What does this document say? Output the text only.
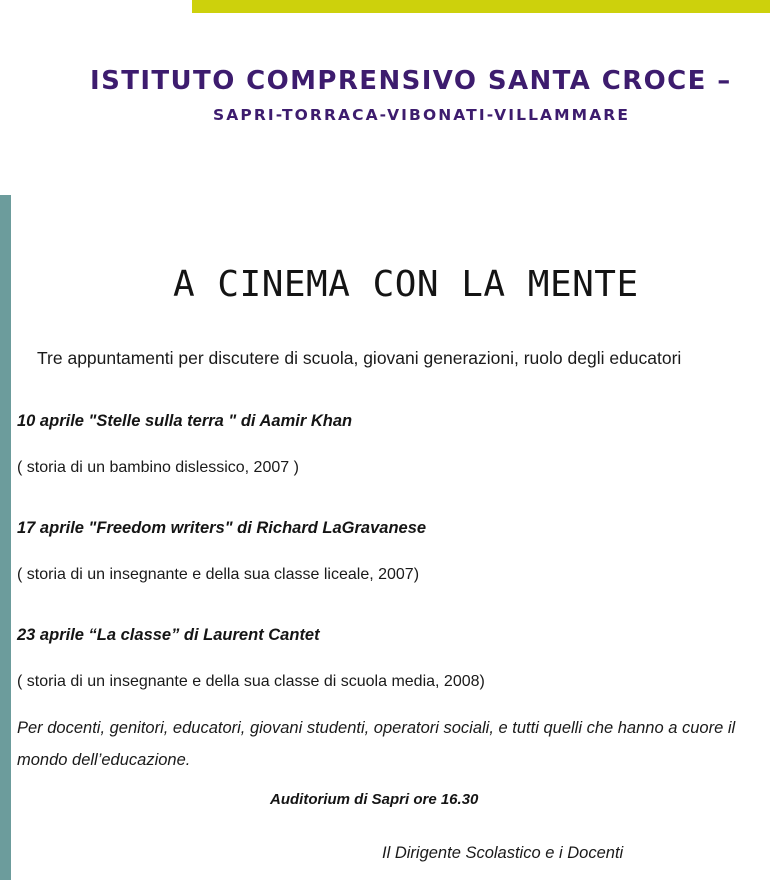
ISTITUTO COMPRENSIVO SANTA CROCE –
SAPRI-TORRACA-VIBONATI-VILLAMMARE
A CINEMA CON LA MENTE
Tre appuntamenti per discutere di scuola, giovani generazioni, ruolo degli educatori
10 aprile "Stelle sulla terra " di Aamir Khan
( storia di un bambino dislessico, 2007 )
17 aprile "Freedom writers" di Richard LaGravanese
( storia di un insegnante e della sua classe liceale, 2007)
23 aprile “La classe” di Laurent Cantet
( storia di un insegnante e della sua classe di scuola media, 2008)
Per docenti, genitori, educatori, giovani studenti, operatori sociali, e tutti quelli che hanno a cuore il mondo dell’educazione.
Auditorium di Sapri ore 16.30
Il Dirigente Scolastico e i Docenti
